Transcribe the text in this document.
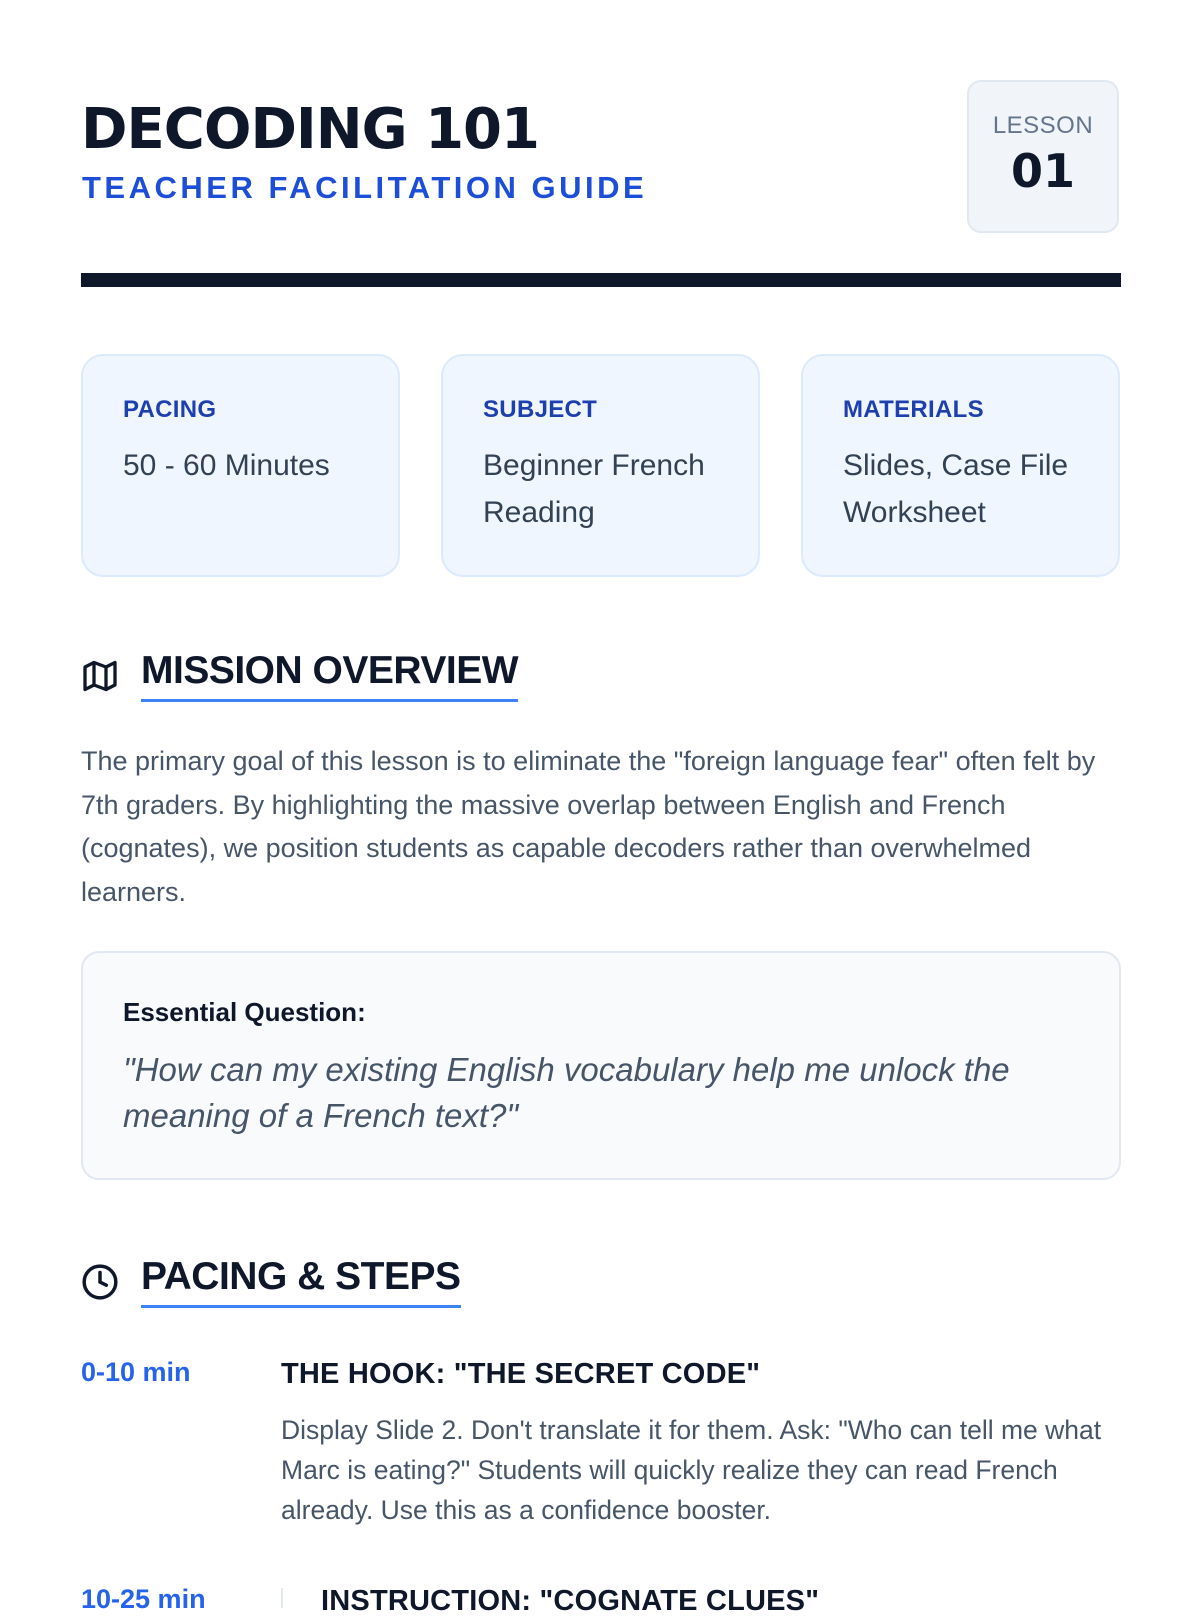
DECODING 101
TEACHER FACILITATION GUIDE
LESSON
01
PACING
50 - 60 Minutes
SUBJECT
Beginner French Reading
MATERIALS
Slides, Case File Worksheet
MISSION OVERVIEW

The primary goal of this lesson is to eliminate the "foreign language fear" often felt by 7th graders. By highlighting the massive overlap between English and French (cognates), we position students as capable decoders rather than overwhelmed learners.

Essential Question:
"How can my existing English vocabulary help me unlock the meaning of a French text?"
PACING & STEPS
0-10 min	THE HOOK: "THE SECRET CODE"
Display Slide 2. Don't translate it for them. Ask: "Who can tell me what Marc is eating?" Students will quickly realize they can read French already. Use this as a confidence booster.
10-25 min	INSTRUCTION: "COGNATE CLUES"
